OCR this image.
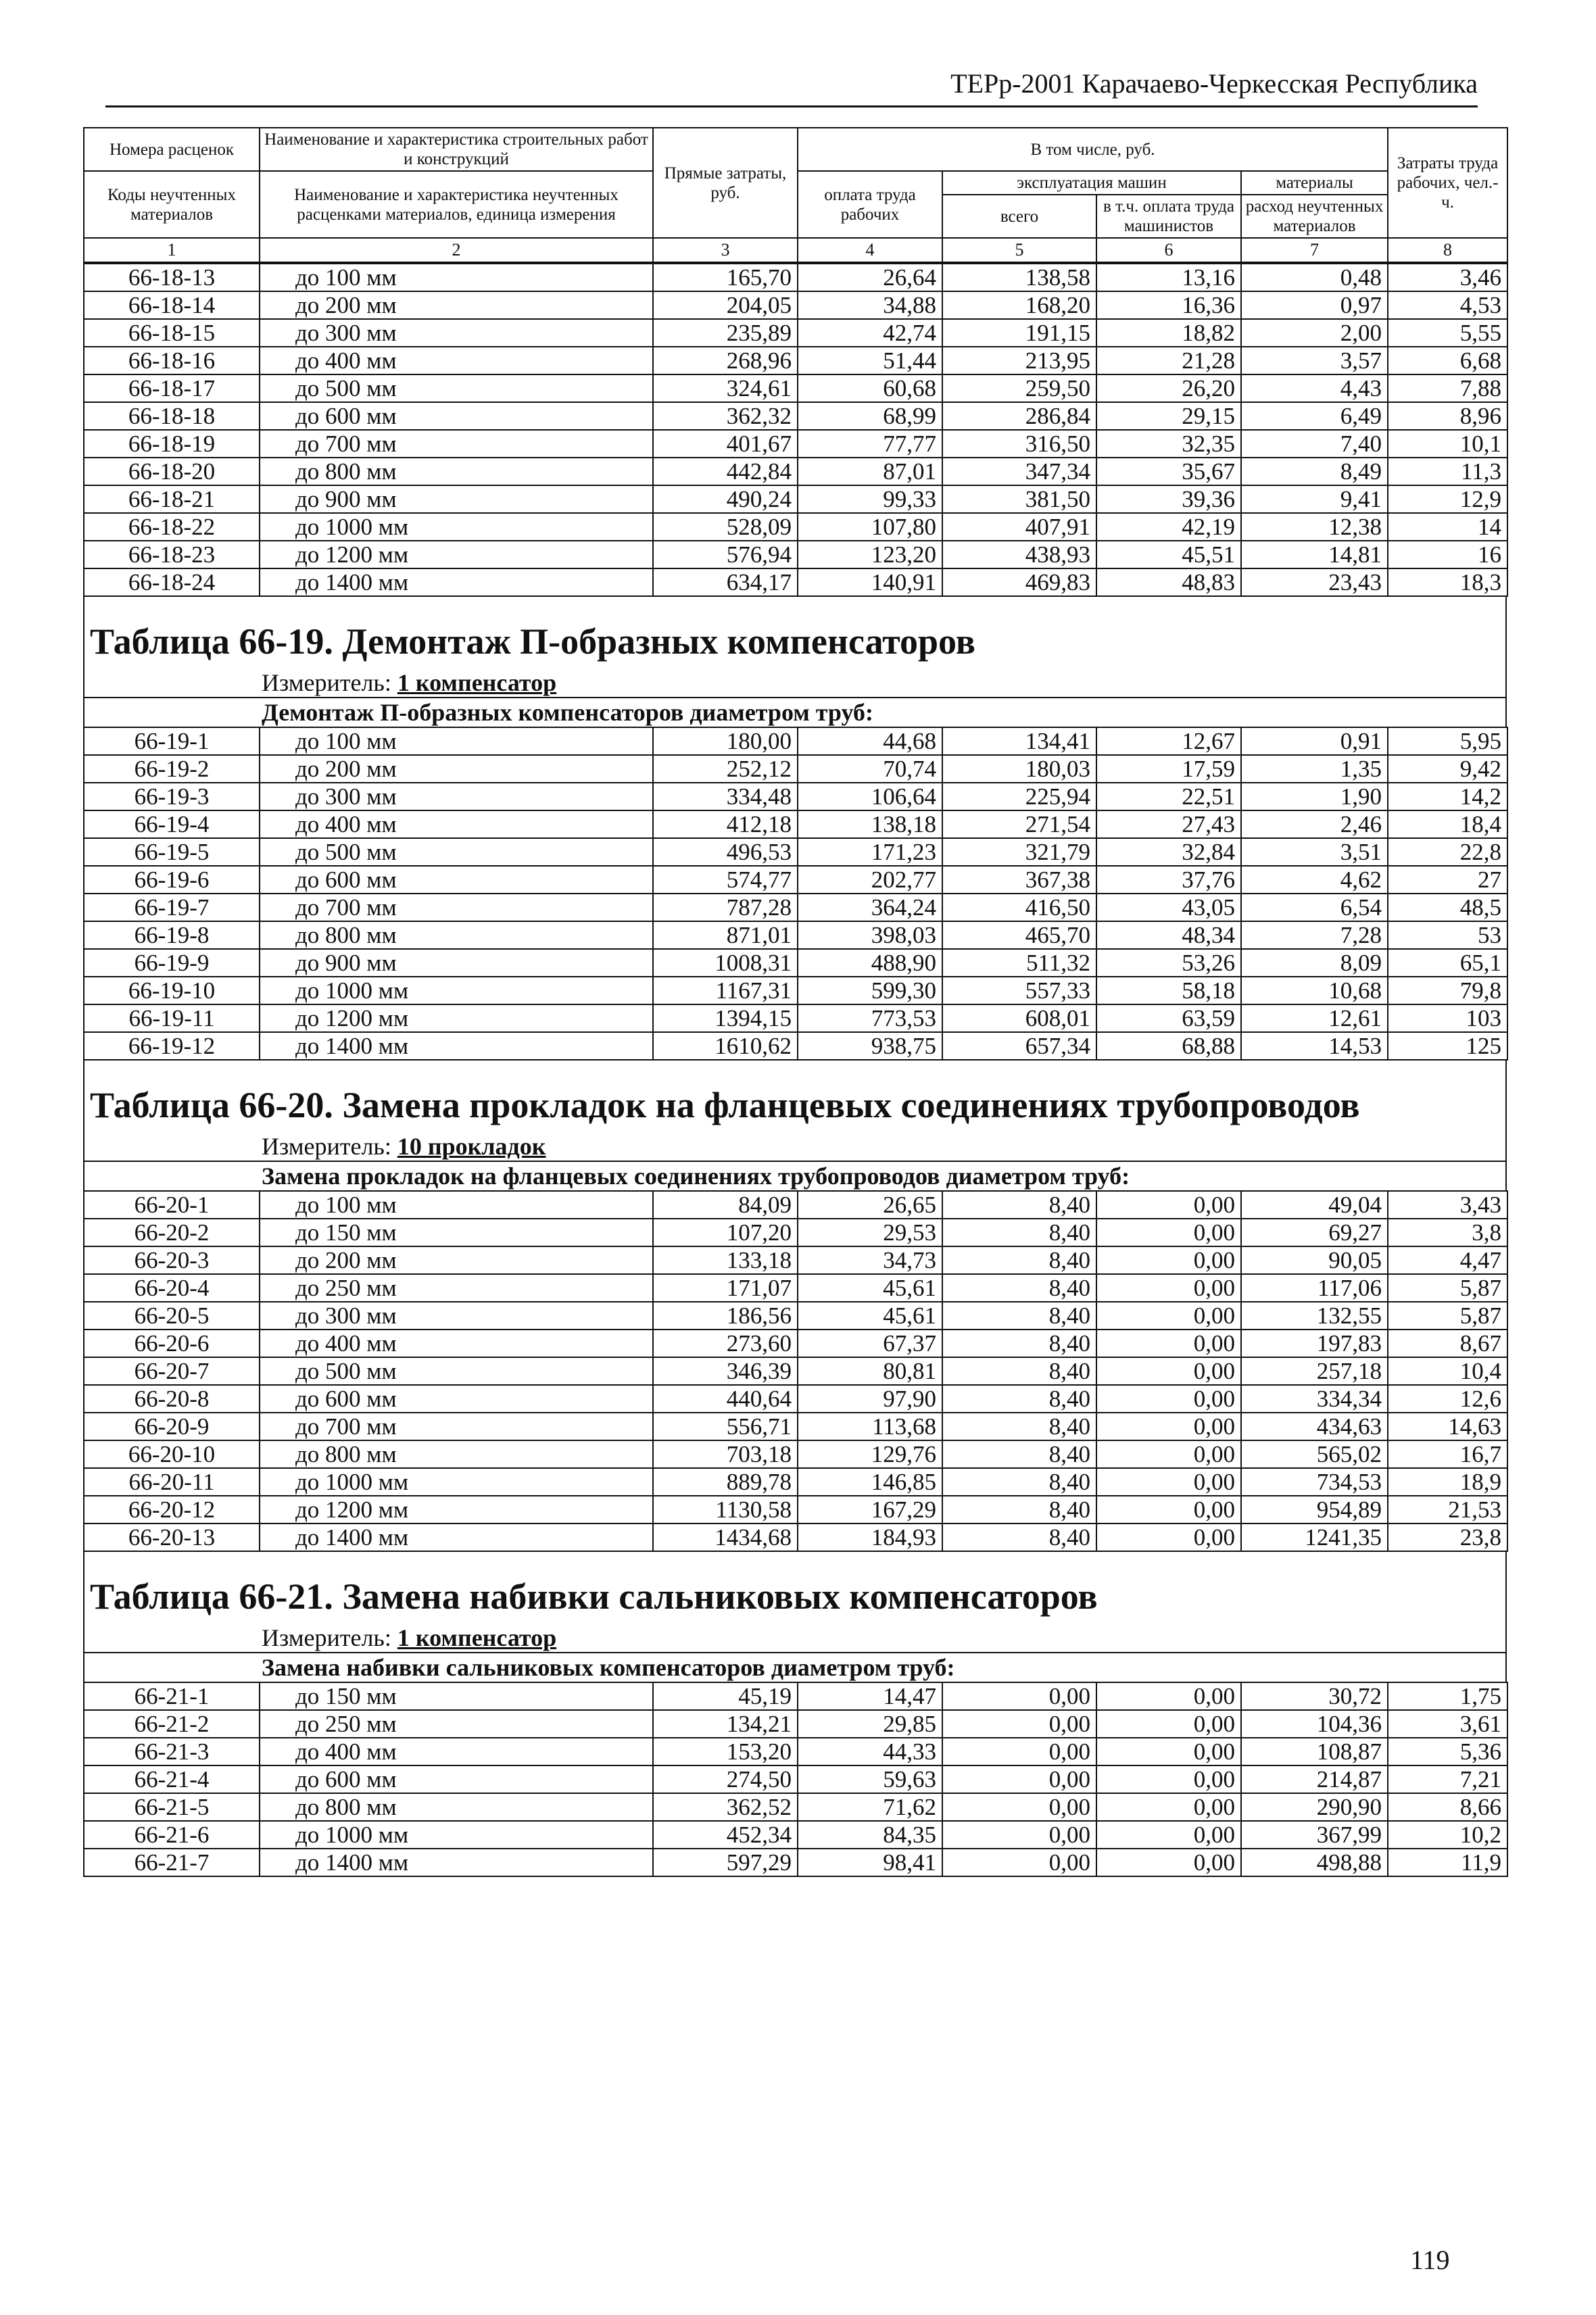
ТЕРр-2001 Карачаево-Черкесская Республика
Номера расценок	Наименование и характеристика строительных работ и конструкций	Прямые затраты, руб.	В том числе, руб.				Затраты труда рабочих, чел.-ч.
Коды неучтенных материалов	Наименование и характеристика неучтенных расценками материалов, единица измерения		оплата труда рабочих	эксплуатация машин		материалы	
				всего	в т.ч. оплата труда машинистов	расход неучтенных материалов	
1	2	3	4	5	6	7	8
66-18-13	до 100 мм	165,70	26,64	138,58	13,16	0,48	3,46
66-18-14	до 200 мм	204,05	34,88	168,20	16,36	0,97	4,53
66-18-15	до 300 мм	235,89	42,74	191,15	18,82	2,00	5,55
66-18-16	до 400 мм	268,96	51,44	213,95	21,28	3,57	6,68
66-18-17	до 500 мм	324,61	60,68	259,50	26,20	4,43	7,88
66-18-18	до 600 мм	362,32	68,99	286,84	29,15	6,49	8,96
66-18-19	до 700 мм	401,67	77,77	316,50	32,35	7,40	10,1
66-18-20	до 800 мм	442,84	87,01	347,34	35,67	8,49	11,3
66-18-21	до 900 мм	490,24	99,33	381,50	39,36	9,41	12,9
66-18-22	до 1000 мм	528,09	107,80	407,91	42,19	12,38	14
66-18-23	до 1200 мм	576,94	123,20	438,93	45,51	14,81	16
66-18-24	до 1400 мм	634,17	140,91	469,83	48,83	23,43	18,3
Таблица 66-19. Демонтаж П-образных компенсаторов
Измеритель: 1 компенсатор
Демонтаж П-образных компенсаторов диаметром труб:
66-19-1	до 100 мм	180,00	44,68	134,41	12,67	0,91	5,95
66-19-2	до 200 мм	252,12	70,74	180,03	17,59	1,35	9,42
66-19-3	до 300 мм	334,48	106,64	225,94	22,51	1,90	14,2
66-19-4	до 400 мм	412,18	138,18	271,54	27,43	2,46	18,4
66-19-5	до 500 мм	496,53	171,23	321,79	32,84	3,51	22,8
66-19-6	до 600 мм	574,77	202,77	367,38	37,76	4,62	27
66-19-7	до 700 мм	787,28	364,24	416,50	43,05	6,54	48,5
66-19-8	до 800 мм	871,01	398,03	465,70	48,34	7,28	53
66-19-9	до 900 мм	1008,31	488,90	511,32	53,26	8,09	65,1
66-19-10	до 1000 мм	1167,31	599,30	557,33	58,18	10,68	79,8
66-19-11	до 1200 мм	1394,15	773,53	608,01	63,59	12,61	103
66-19-12	до 1400 мм	1610,62	938,75	657,34	68,88	14,53	125
Таблица 66-20. Замена прокладок на фланцевых соединениях трубопроводов
Измеритель: 10 прокладок
Замена прокладок на фланцевых соединениях трубопроводов диаметром труб:
66-20-1	до 100 мм	84,09	26,65	8,40	0,00	49,04	3,43
66-20-2	до 150 мм	107,20	29,53	8,40	0,00	69,27	3,8
66-20-3	до 200 мм	133,18	34,73	8,40	0,00	90,05	4,47
66-20-4	до 250 мм	171,07	45,61	8,40	0,00	117,06	5,87
66-20-5	до 300 мм	186,56	45,61	8,40	0,00	132,55	5,87
66-20-6	до 400 мм	273,60	67,37	8,40	0,00	197,83	8,67
66-20-7	до 500 мм	346,39	80,81	8,40	0,00	257,18	10,4
66-20-8	до 600 мм	440,64	97,90	8,40	0,00	334,34	12,6
66-20-9	до 700 мм	556,71	113,68	8,40	0,00	434,63	14,63
66-20-10	до 800 мм	703,18	129,76	8,40	0,00	565,02	16,7
66-20-11	до 1000 мм	889,78	146,85	8,40	0,00	734,53	18,9
66-20-12	до 1200 мм	1130,58	167,29	8,40	0,00	954,89	21,53
66-20-13	до 1400 мм	1434,68	184,93	8,40	0,00	1241,35	23,8
Таблица 66-21. Замена набивки сальниковых компенсаторов
Измеритель: 1 компенсатор
Замена набивки сальниковых компенсаторов диаметром труб:
66-21-1	до 150 мм	45,19	14,47	0,00	0,00	30,72	1,75
66-21-2	до 250 мм	134,21	29,85	0,00	0,00	104,36	3,61
66-21-3	до 400 мм	153,20	44,33	0,00	0,00	108,87	5,36
66-21-4	до 600 мм	274,50	59,63	0,00	0,00	214,87	7,21
66-21-5	до 800 мм	362,52	71,62	0,00	0,00	290,90	8,66
66-21-6	до 1000 мм	452,34	84,35	0,00	0,00	367,99	10,2
66-21-7	до 1400 мм	597,29	98,41	0,00	0,00	498,88	11,9
119
